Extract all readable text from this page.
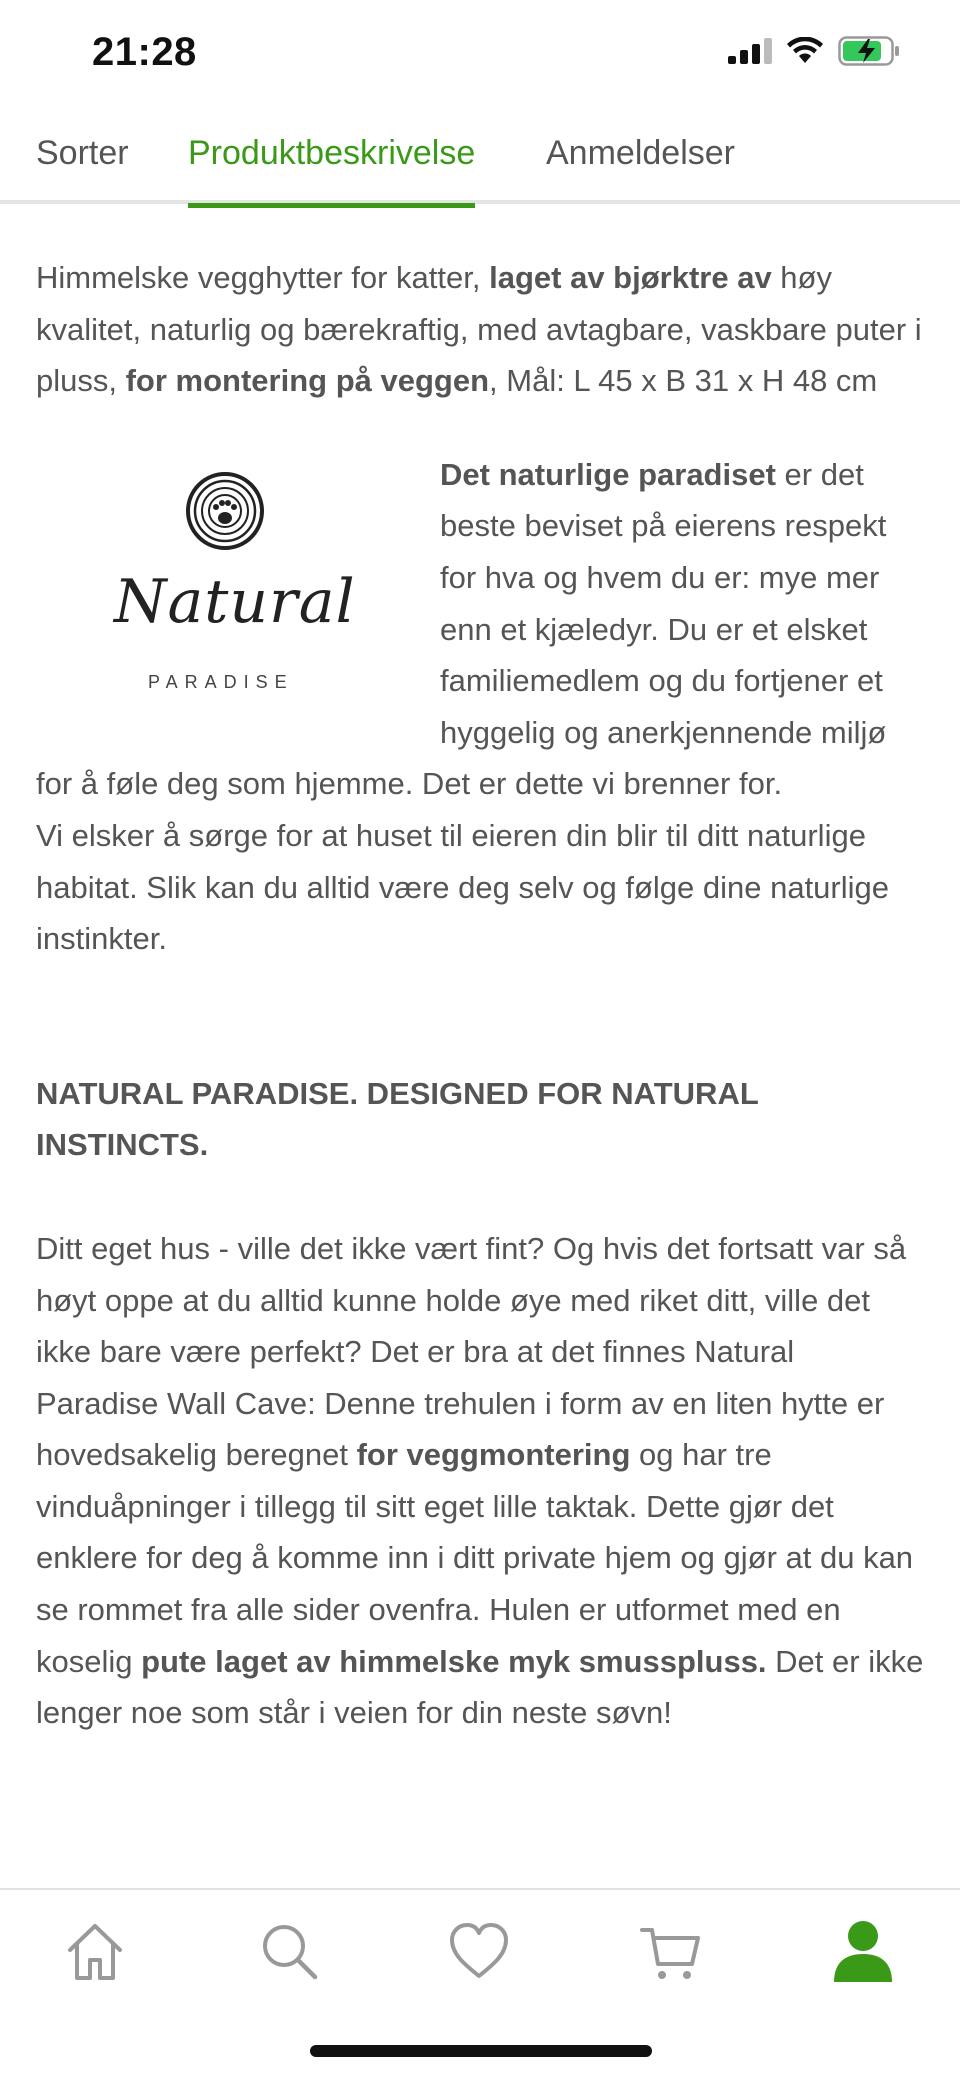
21:28
Sorter Produktbeskrivelse Anmeldelser

Himmelske vegghytter for katter, laget av bjørktre av høy kvalitet, naturlig og bærekraftig, med avtagbare, vaskbare puter i pluss, for montering på veggen, Mål: L 45 x B 31 x H 48 cm

Natural
PARADISE

Det naturlige paradiset er det beste beviset på eierens respekt for hva og hvem du er: mye mer enn et kjæledyr. Du er et elsket familiemedlem og du fortjener et hyggelig og anerkjennende miljø for å føle deg som hjemme. Det er dette vi brenner for.

Vi elsker å sørge for at huset til eieren din blir til ditt naturlige habitat. Slik kan du alltid være deg selv og følge dine naturlige instinkter.

NATURAL PARADISE. DESIGNED FOR NATURAL INSTINCTS.

Ditt eget hus - ville det ikke vært fint? Og hvis det fortsatt var så høyt oppe at du alltid kunne holde øye med riket ditt, ville det ikke bare være perfekt? Det er bra at det finnes Natural Paradise Wall Cave: Denne trehulen i form av en liten hytte er hovedsakelig beregnet for veggmontering og har tre vinduåpninger i tillegg til sitt eget lille taktak. Dette gjør det enklere for deg å komme inn i ditt private hjem og gjør at du kan se rommet fra alle sider ovenfra. Hulen er utformet med en koselig pute laget av himmelske myk smusspluss. Det er ikke lenger noe som står i veien for din neste søvn!
